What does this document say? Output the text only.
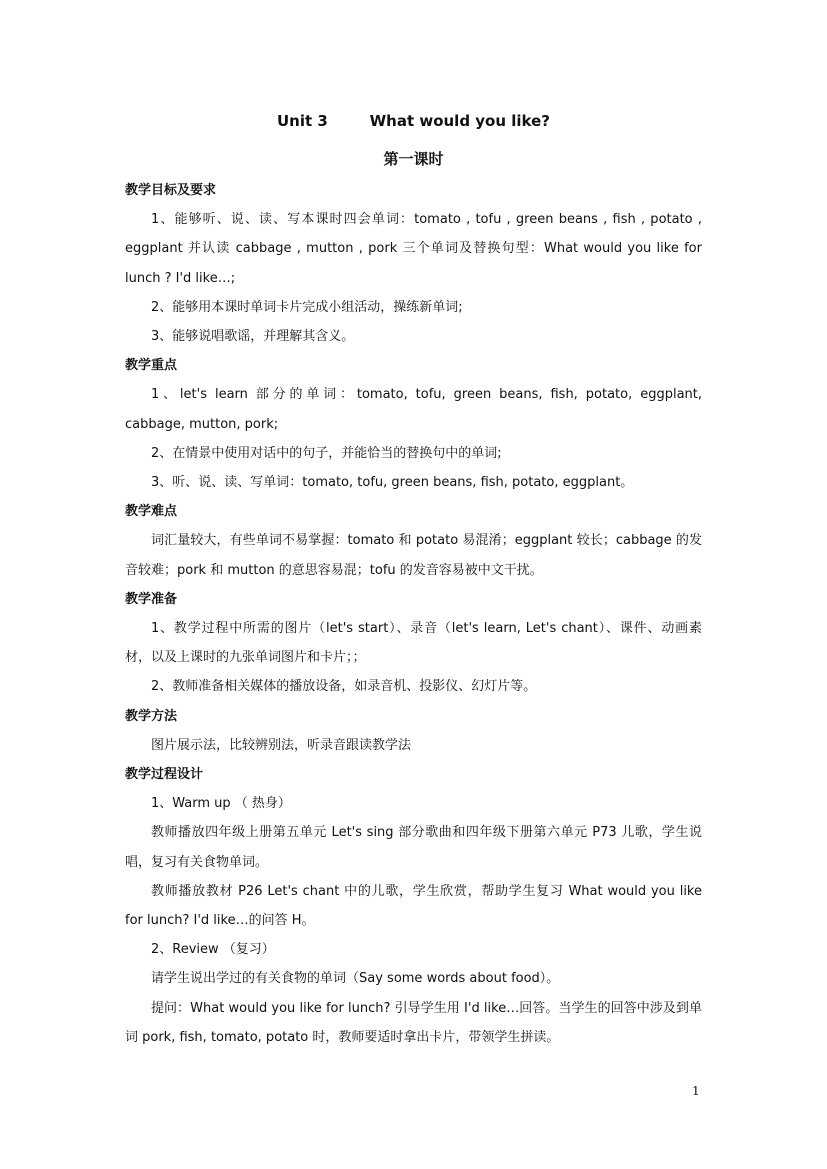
Unit 3        What would you like?
第一课时

教学目标及要求

1、能够听、说、读、写本课时四会单词：tomato , tofu , green beans , fish , potato , eggplant 并认读 cabbage , mutton , pork 三个单词及替换句型：What would you like for lunch ? I'd like…;

2、能够用本课时单词卡片完成小组活动，操练新单词;

3、能够说唱歌谣，并理解其含义。

教学重点

1、let's learn 部分的单词：tomato, tofu, green beans, fish, potato, eggplant, cabbage, mutton, pork;

2、在情景中使用对话中的句子，并能恰当的替换句中的单词;

3、听、说、读、写单词：tomato, tofu, green beans, fish, potato, eggplant。

教学难点

词汇量较大，有些单词不易掌握：tomato 和 potato 易混淆；eggplant 较长；cabbage 的发音较难；pork 和 mutton 的意思容易混；tofu 的发音容易被中文干扰。

教学准备

1、教学过程中所需的图片（let's start）、录音（let's learn, Let's chant）、课件、动画素材，以及上课时的九张单词图片和卡片；；

2、教师准备相关媒体的播放设备，如录音机、投影仪、幻灯片等。

教学方法

图片展示法，比较辨别法，听录音跟读教学法

教学过程设计

1、Warm up （ 热身）

教师播放四年级上册第五单元 Let's sing 部分歌曲和四年级下册第六单元 P73 儿歌，学生说唱，复习有关食物单词。

教师播放教材 P26 Let's chant 中的儿歌，学生欣赏，帮助学生复习 What would you like for lunch? I'd like…的问答 H。

2、Review （复习）

请学生说出学过的有关食物的单词（Say some words about food）。

提问：What would you like for lunch? 引导学生用 I'd like…回答。当学生的回答中涉及到单词 pork, fish, tomato, potato 时，教师要适时拿出卡片，带领学生拼读。

1
